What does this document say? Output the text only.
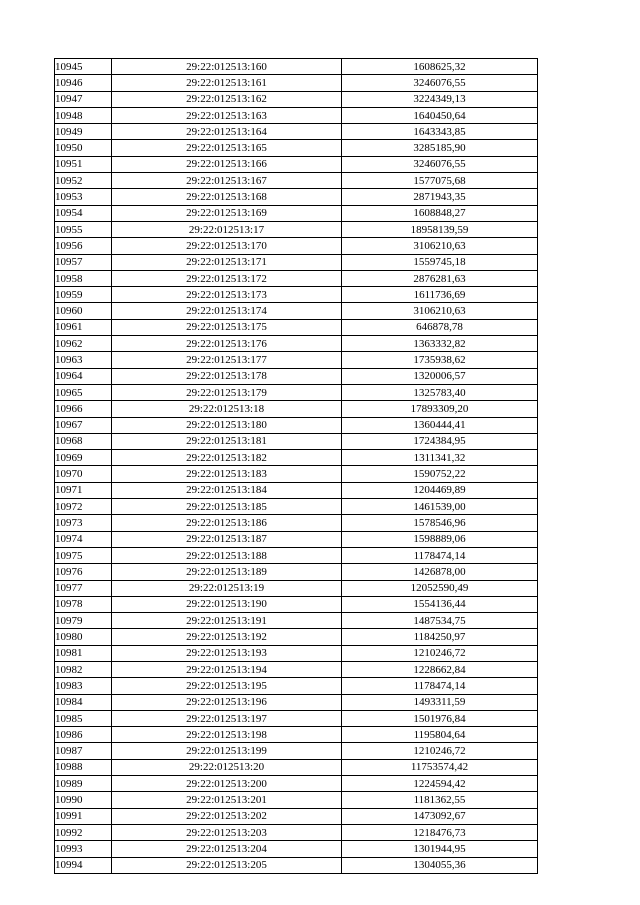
10945	29:22:012513:160	1608625,32
10946	29:22:012513:161	3246076,55
10947	29:22:012513:162	3224349,13
10948	29:22:012513:163	1640450,64
10949	29:22:012513:164	1643343,85
10950	29:22:012513:165	3285185,90
10951	29:22:012513:166	3246076,55
10952	29:22:012513:167	1577075,68
10953	29:22:012513:168	2871943,35
10954	29:22:012513:169	1608848,27
10955	29:22:012513:17	18958139,59
10956	29:22:012513:170	3106210,63
10957	29:22:012513:171	1559745,18
10958	29:22:012513:172	2876281,63
10959	29:22:012513:173	1611736,69
10960	29:22:012513:174	3106210,63
10961	29:22:012513:175	646878,78
10962	29:22:012513:176	1363332,82
10963	29:22:012513:177	1735938,62
10964	29:22:012513:178	1320006,57
10965	29:22:012513:179	1325783,40
10966	29:22:012513:18	17893309,20
10967	29:22:012513:180	1360444,41
10968	29:22:012513:181	1724384,95
10969	29:22:012513:182	1311341,32
10970	29:22:012513:183	1590752,22
10971	29:22:012513:184	1204469,89
10972	29:22:012513:185	1461539,00
10973	29:22:012513:186	1578546,96
10974	29:22:012513:187	1598889,06
10975	29:22:012513:188	1178474,14
10976	29:22:012513:189	1426878,00
10977	29:22:012513:19	12052590,49
10978	29:22:012513:190	1554136,44
10979	29:22:012513:191	1487534,75
10980	29:22:012513:192	1184250,97
10981	29:22:012513:193	1210246,72
10982	29:22:012513:194	1228662,84
10983	29:22:012513:195	1178474,14
10984	29:22:012513:196	1493311,59
10985	29:22:012513:197	1501976,84
10986	29:22:012513:198	1195804,64
10987	29:22:012513:199	1210246,72
10988	29:22:012513:20	11753574,42
10989	29:22:012513:200	1224594,42
10990	29:22:012513:201	1181362,55
10991	29:22:012513:202	1473092,67
10992	29:22:012513:203	1218476,73
10993	29:22:012513:204	1301944,95
10994	29:22:012513:205	1304055,36
